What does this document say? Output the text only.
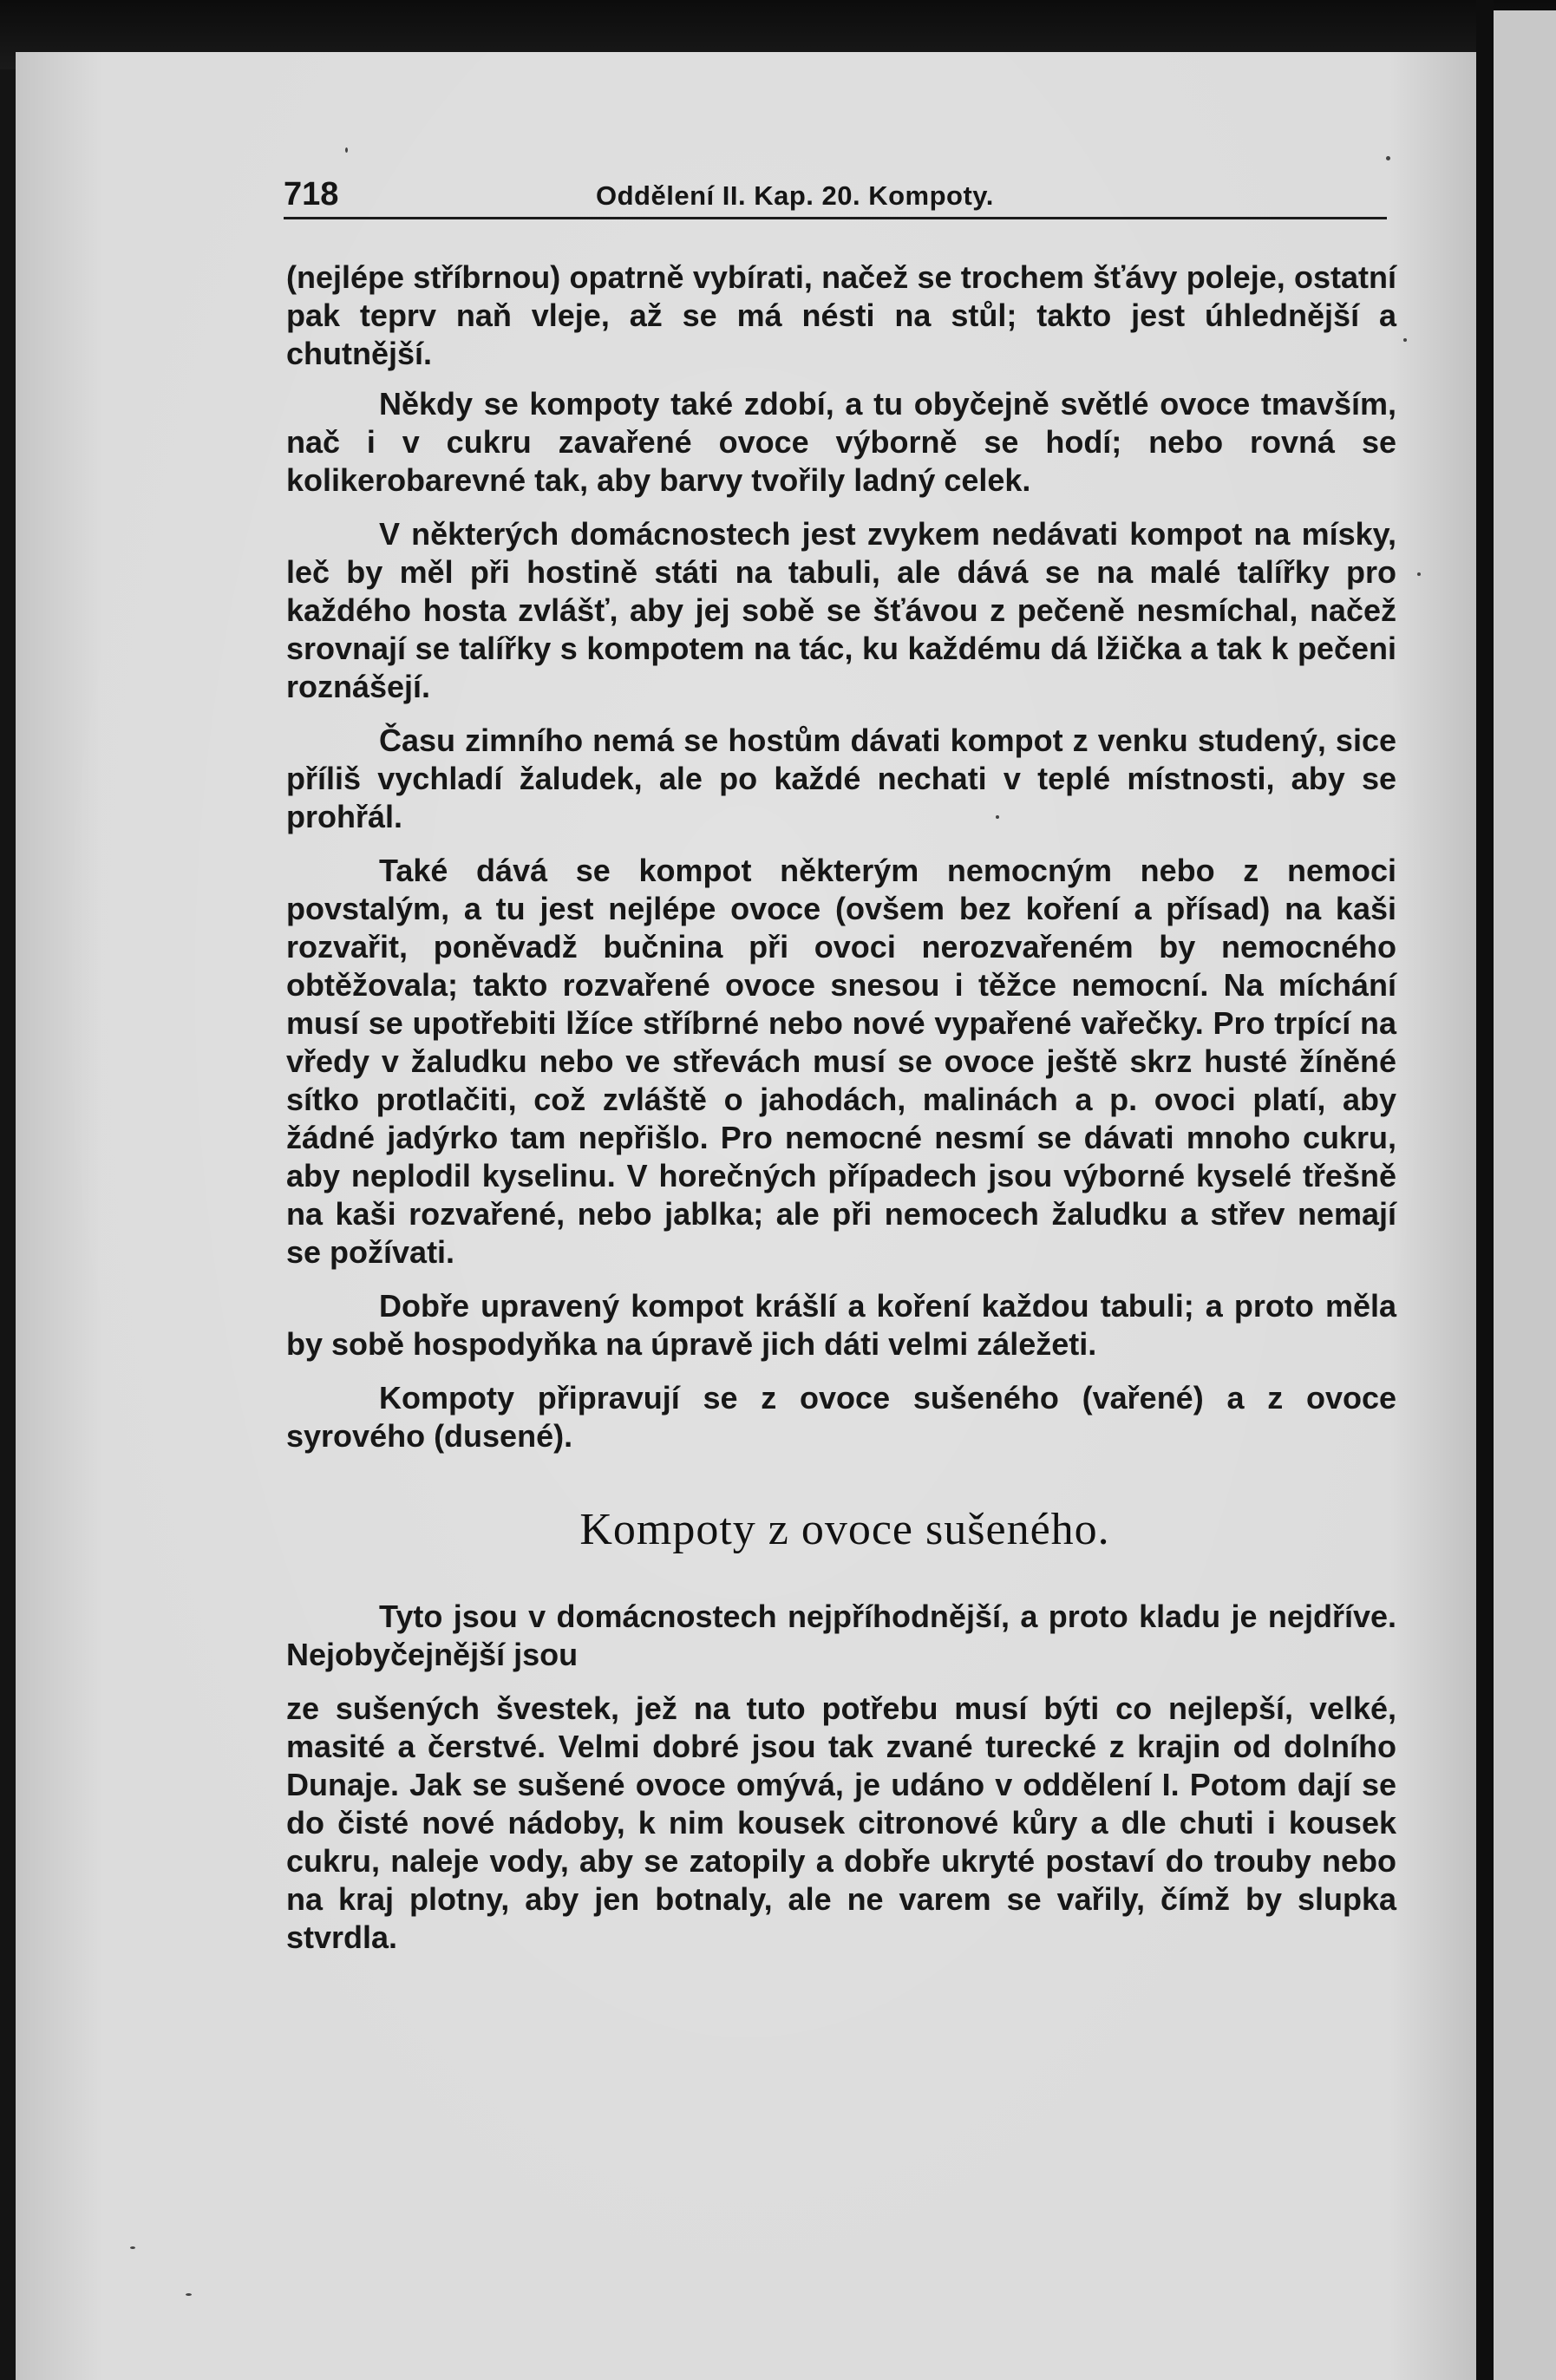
718	Oddělení II. Kap. 20. Kompoty.

(nejlépe stříbrnou) opatrně vybírati, načež se trochem šťávy poleje, ostatní pak teprv naň vleje, až se má nésti na stůl; takto jest úhlednější a chutnější.

Někdy se kompoty také zdobí, a tu obyčejně světlé ovoce tmavším, nač i v cukru zavařené ovoce výborně se hodí; nebo rovná se kolikerobarevné tak, aby barvy tvořily ladný celek.

V některých domácnostech jest zvykem nedávati kompot na mísky, leč by měl při hostině státi na tabuli, ale dává se na malé talířky pro každého hosta zvlášť, aby jej sobě se šťávou z pečeně nesmíchal, načež srovnají se talířky s kompotem na tác, ku každému dá lžička a tak k pečeni roznášejí.

Času zimního nemá se hostům dávati kompot z venku studený, sice příliš vychladí žaludek, ale po každé nechati v teplé místnosti, aby se prohřál.

Také dává se kompot některým nemocným nebo z nemoci povstalým, a tu jest nejlépe ovoce (ovšem bez koření a přísad) na kaši rozvařit, poněvadž bučnina při ovoci nerozvařeném by nemocného obtěžovala; takto rozvařené ovoce snesou i těžce nemocní. Na míchání musí se upotřebiti lžíce stříbrné nebo nové vypařené vařečky. Pro trpící na vředy v žaludku nebo ve střevách musí se ovoce ještě skrz husté žíněné sítko protlačiti, což zvláště o jahodách, malinách a p. ovoci platí, aby žádné jadýrko tam nepřišlo. Pro nemocné nesmí se dávati mnoho cukru, aby neplodil kyselinu. V horečných případech jsou výborné kyselé třešně na kaši rozvařené, nebo jablka; ale při nemocech žaludku a střev nemají se požívati.

Dobře upravený kompot krášlí a koření každou tabuli; a proto měla by sobě hospodyňka na úpravě jich dáti velmi záležeti.

Kompoty připravují se z ovoce sušeného (vařené) a z ovoce syrového (dusené).

Kompoty z ovoce sušeného.

Tyto jsou v domácnostech nejpříhodnější, a proto kladu je nejdříve. Nejobyčejnější jsou

ze sušených švestek, jež na tuto potřebu musí býti co nejlepší, velké, masité a čerstvé. Velmi dobré jsou tak zvané turecké z krajin od dolního Dunaje. Jak se sušené ovoce omývá, je udáno v oddělení I. Potom dají se do čisté nové nádoby, k nim kousek citronové kůry a dle chuti i kousek cukru, naleje vody, aby se zatopily a dobře ukryté postaví do trouby nebo na kraj plotny, aby jen botnaly, ale ne varem se vařily, čímž by slupka stvrdla.
